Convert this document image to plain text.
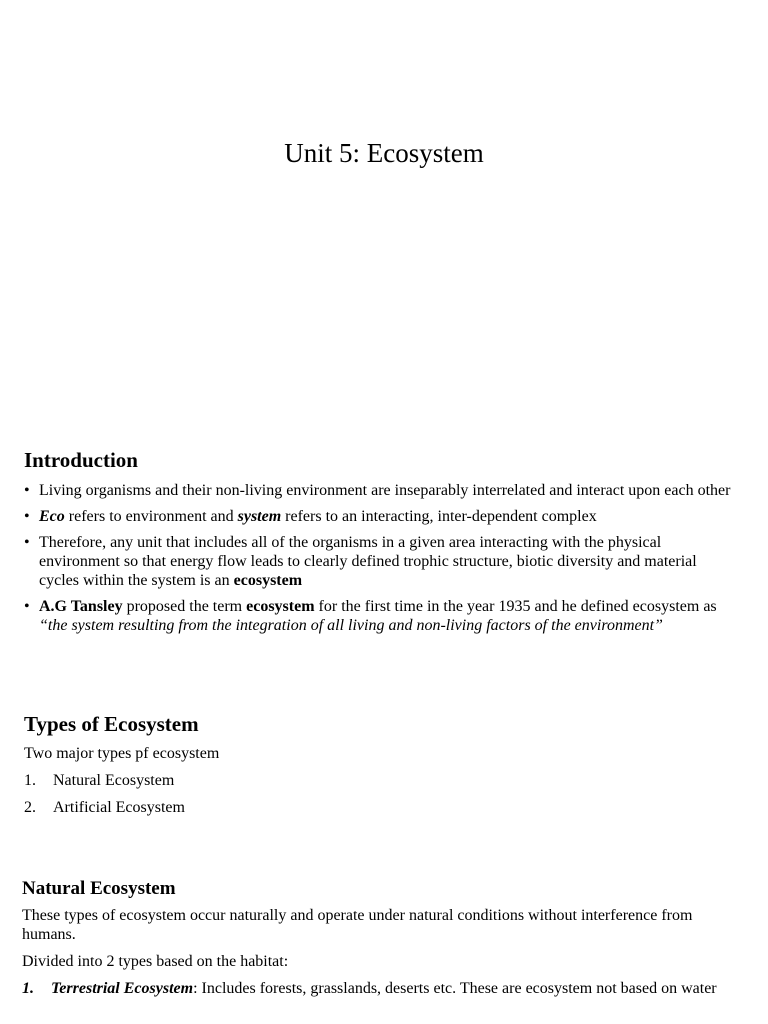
Unit 5: Ecosystem
Introduction
• Living organisms and their non-living environment are inseparably interrelated and interact upon each other
• Eco refers to environment and system refers to an interacting, inter-dependent complex
• Therefore, any unit that includes all of the organisms in a given area interacting with the physical environment so that energy flow leads to clearly defined trophic structure, biotic diversity and material cycles within the system is an ecosystem
• A.G Tansley proposed the term ecosystem for the first time in the year 1935 and he defined ecosystem as “the system resulting from the integration of all living and non-living factors of the environment”
Types of Ecosystem

Two major types pf ecosystem

1. Natural Ecosystem
2. Artificial Ecosystem
Natural Ecosystem

These types of ecosystem occur naturally and operate under natural conditions without interference from humans.

Divided into 2 types based on the habitat:

1. Terrestrial Ecosystem: Includes forests, grasslands, deserts etc. These are ecosystem not based on water
